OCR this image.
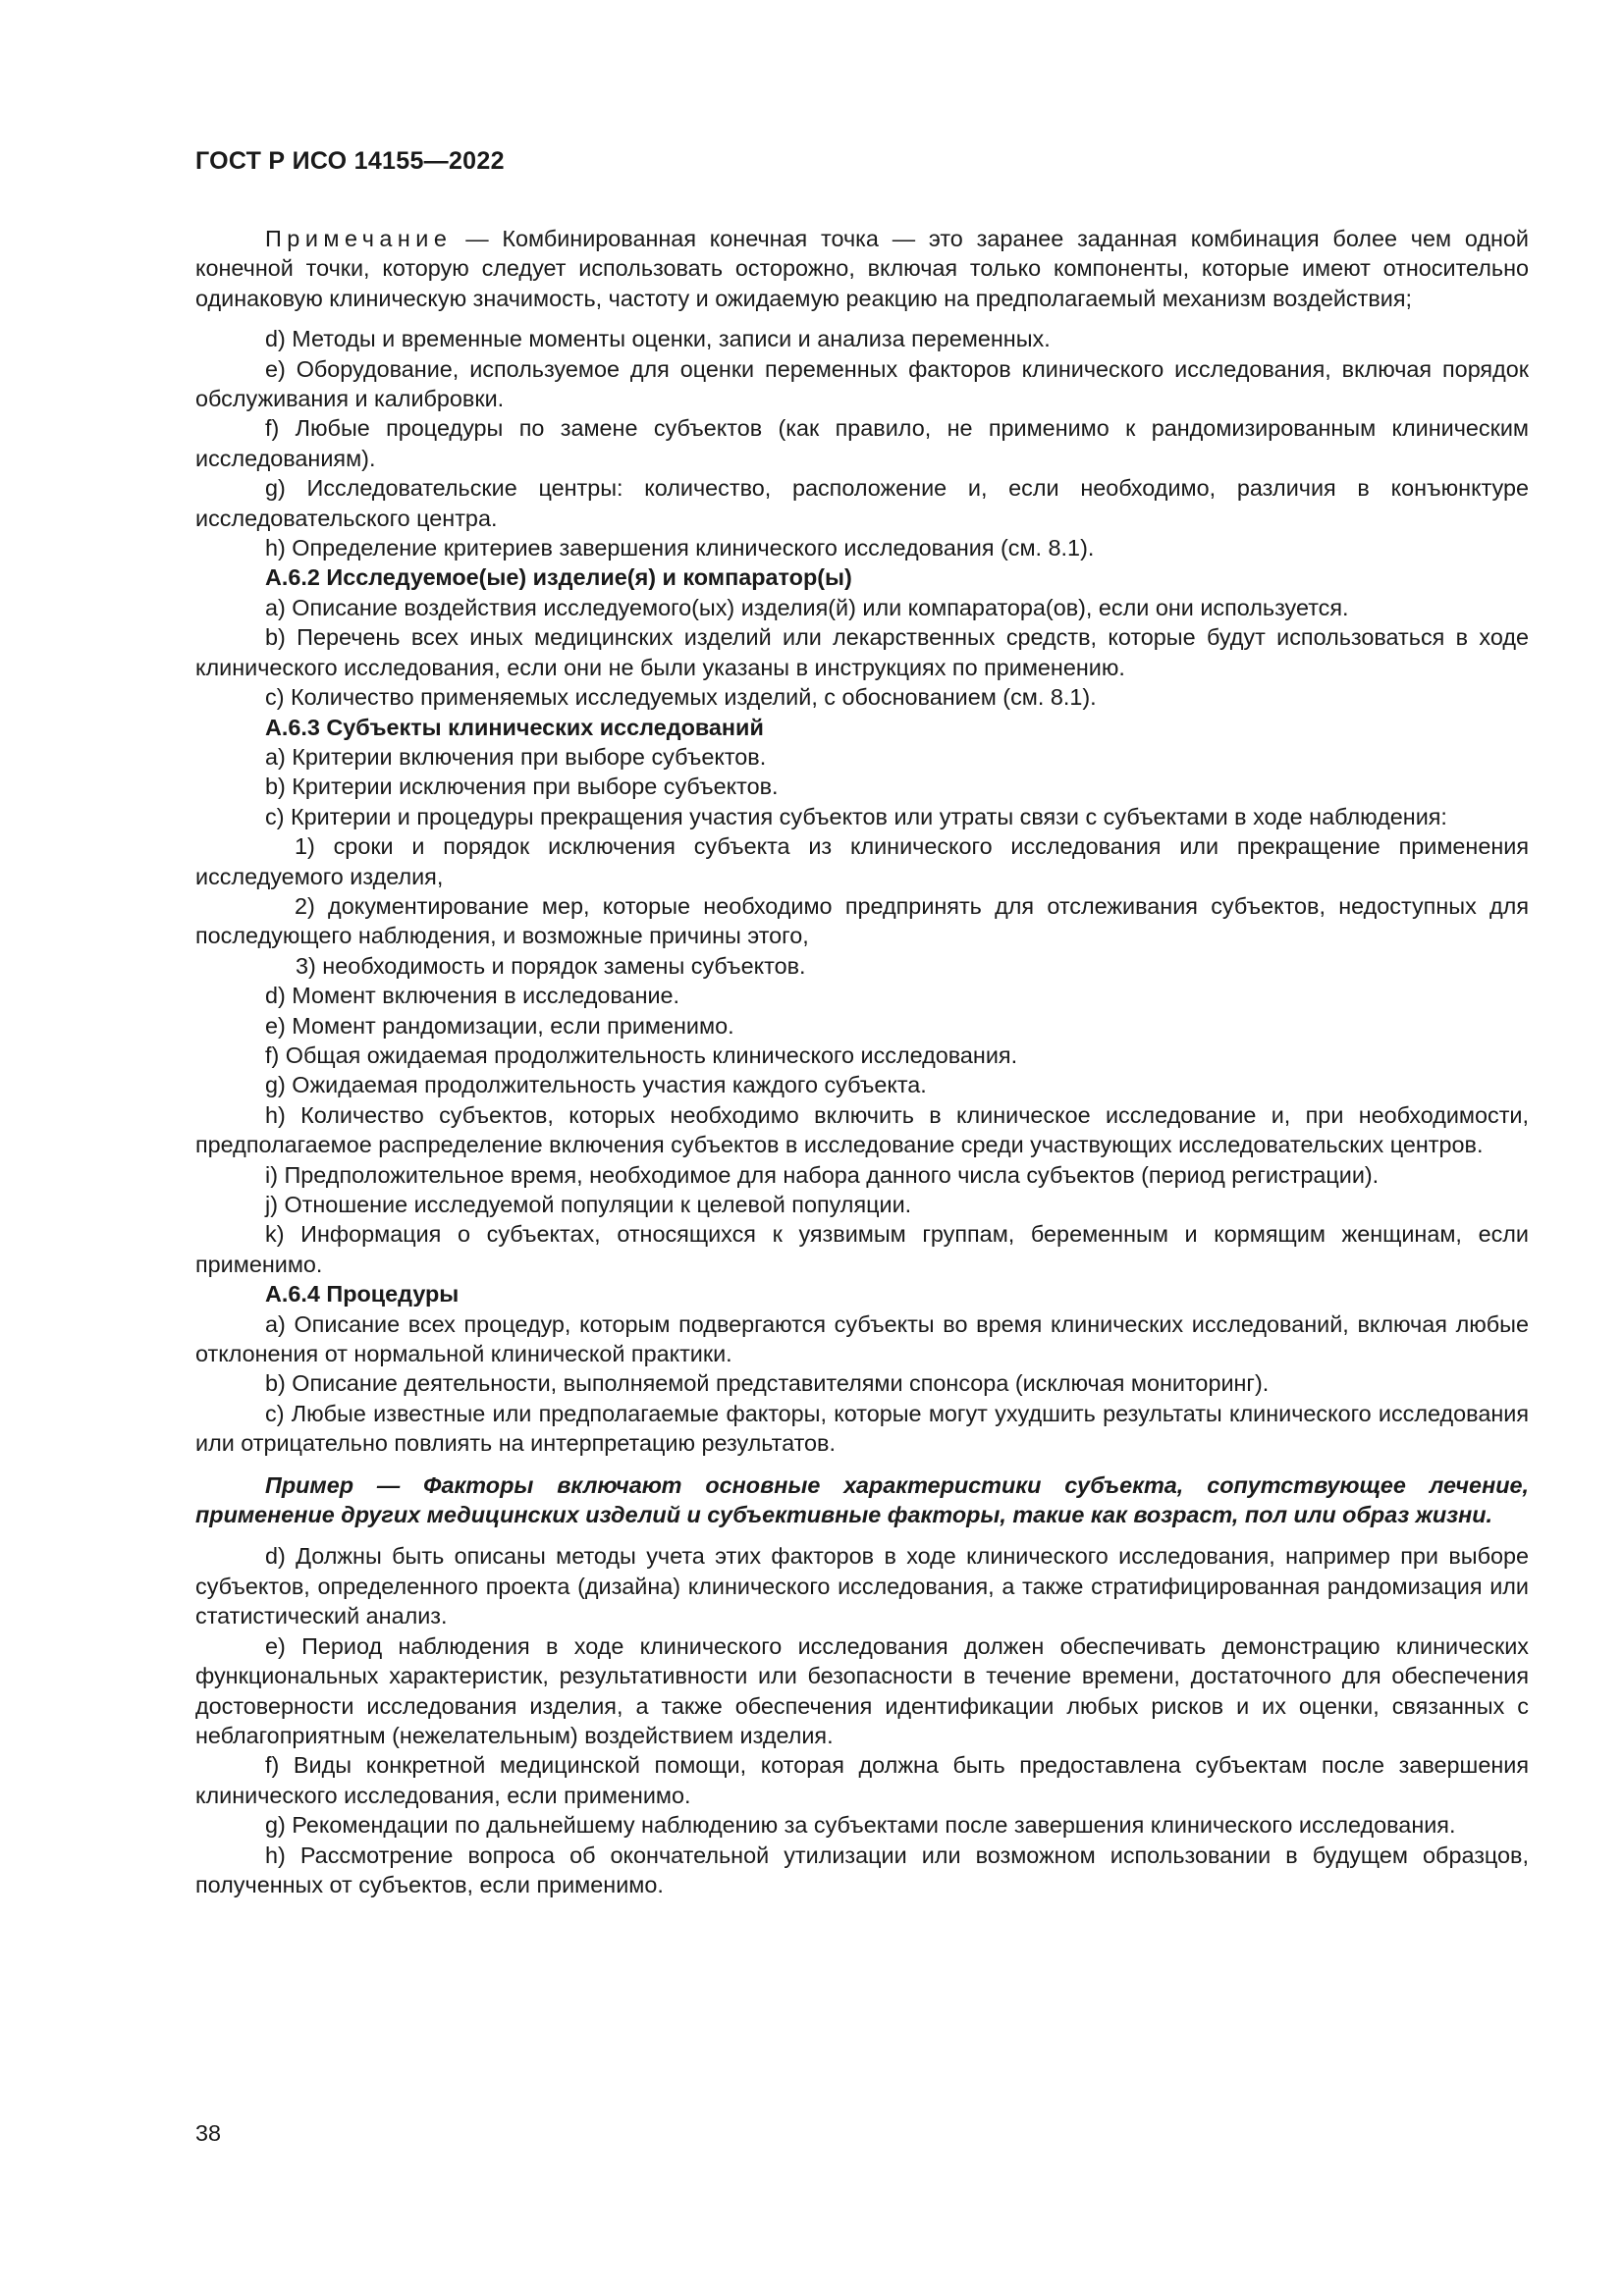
ГОСТ Р ИСО 14155—2022

Примечание — Комбинированная конечная точка — это заранее заданная комбинация более чем одной конечной точки, которую следует использовать осторожно, включая только компоненты, которые имеют относительно одинаковую клиническую значимость, частоту и ожидаемую реакцию на предполагаемый механизм воздействия;

d) Методы и временные моменты оценки, записи и анализа переменных.

e) Оборудование, используемое для оценки переменных факторов клинического исследования, включая порядок обслуживания и калибровки.

f) Любые процедуры по замене субъектов (как правило, не применимо к рандомизированным клиническим исследованиям).

g) Исследовательские центры: количество, расположение и, если необходимо, различия в конъюнктуре исследовательского центра.

h) Определение критериев завершения клинического исследования (см. 8.1).

А.6.2 Исследуемое(ые) изделие(я) и компаратор(ы)

a) Описание воздействия исследуемого(ых) изделия(й) или компаратора(ов), если они используется.

b) Перечень всех иных медицинских изделий или лекарственных средств, которые будут использоваться в ходе клинического исследования, если они не были указаны в инструкциях по применению.

c) Количество применяемых исследуемых изделий, с обоснованием (см. 8.1).

А.6.3 Субъекты клинических исследований

a) Критерии включения при выборе субъектов.

b) Критерии исключения при выборе субъектов.

c) Критерии и процедуры прекращения участия субъектов или утраты связи с субъектами в ходе наблюдения:

1) сроки и порядок исключения субъекта из клинического исследования или прекращение применения исследуемого изделия,

2) документирование мер, которые необходимо предпринять для отслеживания субъектов, недоступных для последующего наблюдения, и возможные причины этого,

3) необходимость и порядок замены субъектов.

d) Момент включения в исследование.

e) Момент рандомизации, если применимо.

f) Общая ожидаемая продолжительность клинического исследования.

g) Ожидаемая продолжительность участия каждого субъекта.

h) Количество субъектов, которых необходимо включить в клиническое исследование и, при необходимости, предполагаемое распределение включения субъектов в исследование среди участвующих исследовательских центров.

i) Предположительное время, необходимое для набора данного числа субъектов (период регистрации).

j) Отношение исследуемой популяции к целевой популяции.

k) Информация о субъектах, относящихся к уязвимым группам, беременным и кормящим женщинам, если применимо.

А.6.4 Процедуры

a) Описание всех процедур, которым подвергаются субъекты во время клинических исследований, включая любые отклонения от нормальной клинической практики.

b) Описание деятельности, выполняемой представителями спонсора (исключая мониторинг).

c) Любые известные или предполагаемые факторы, которые могут ухудшить результаты клинического исследования или отрицательно повлиять на интерпретацию результатов.

Пример — Факторы включают основные характеристики субъекта, сопутствующее лечение, применение других медицинских изделий и субъективные факторы, такие как возраст, пол или образ жизни.

d) Должны быть описаны методы учета этих факторов в ходе клинического исследования, например при выборе субъектов, определенного проекта (дизайна) клинического исследования, а также стратифицированная рандомизация или статистический анализ.

e) Период наблюдения в ходе клинического исследования должен обеспечивать демонстрацию клинических функциональных характеристик, результативности или безопасности в течение времени, достаточного для обеспечения достоверности исследования изделия, а также обеспечения идентификации любых рисков и их оценки, связанных с неблагоприятным (нежелательным) воздействием изделия.

f) Виды конкретной медицинской помощи, которая должна быть предоставлена субъектам после завершения клинического исследования, если применимо.

g) Рекомендации по дальнейшему наблюдению за субъектами после завершения клинического исследования.

h) Рассмотрение вопроса об окончательной утилизации или возможном использовании в будущем образцов, полученных от субъектов, если применимо.

38
